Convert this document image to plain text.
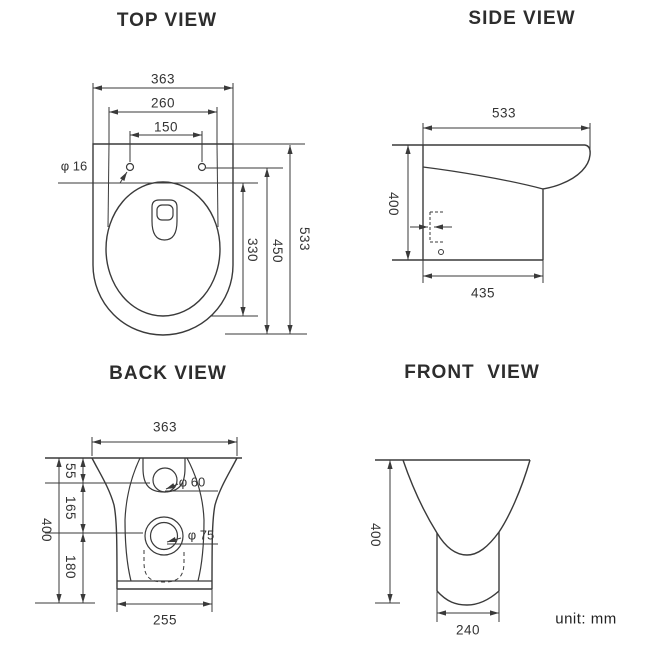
TOP VIEW	SIDE VIEW
BACK VIEW	FRONT  VIEW
363
260
150
φ 16
330 450 533
533
400
435
363
55
165
180
400
φ 60
φ 75
255
400
240
unit: mm
